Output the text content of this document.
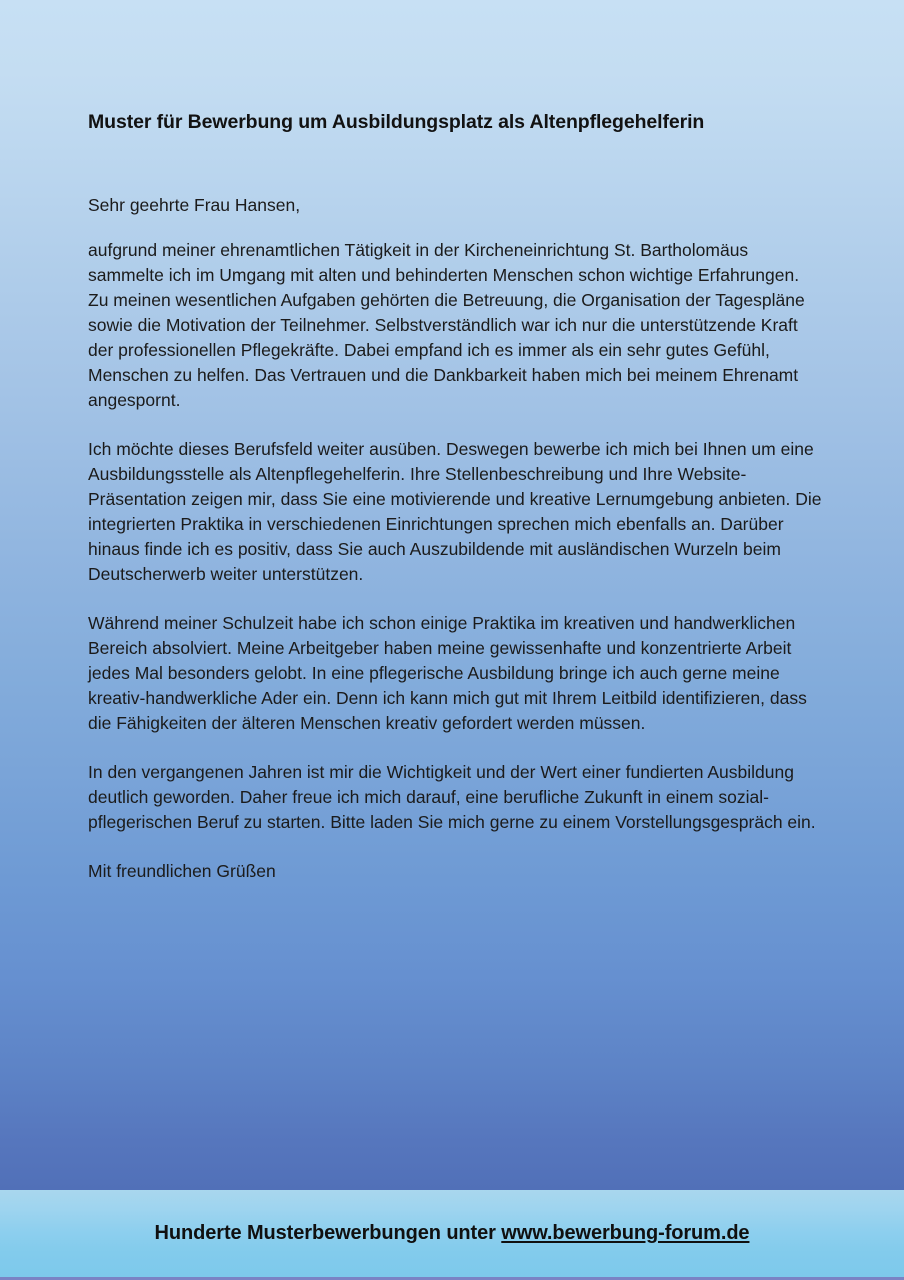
Muster für Bewerbung um Ausbildungsplatz als Altenpflegehelferin

Sehr geehrte Frau Hansen,

aufgrund meiner ehrenamtlichen Tätigkeit in der Kircheneinrichtung St. Bartholomäus sammelte ich im Umgang mit alten und behinderten Menschen schon wichtige Erfahrungen. Zu meinen wesentlichen Aufgaben gehörten die Betreuung, die Organisation der Tagespläne sowie die Motivation der Teilnehmer. Selbstverständlich war ich nur die unterstützende Kraft der professionellen Pflegekräfte. Dabei empfand ich es immer als ein sehr gutes Gefühl, Menschen zu helfen. Das Vertrauen und die Dankbarkeit haben mich bei meinem Ehrenamt angespornt.

Ich möchte dieses Berufsfeld weiter ausüben. Deswegen bewerbe ich mich bei Ihnen um eine Ausbildungsstelle als Altenpflegehelferin. Ihre Stellenbeschreibung und Ihre Website-Präsentation zeigen mir, dass Sie eine motivierende und kreative Lernumgebung anbieten. Die integrierten Praktika in verschiedenen Einrichtungen sprechen mich ebenfalls an. Darüber hinaus finde ich es positiv, dass Sie auch Auszubildende mit ausländischen Wurzeln beim Deutscherwerb weiter unterstützen.

Während meiner Schulzeit habe ich schon einige Praktika im kreativen und handwerklichen Bereich absolviert. Meine Arbeitgeber haben meine gewissenhafte und konzentrierte Arbeit jedes Mal besonders gelobt. In eine pflegerische Ausbildung bringe ich auch gerne meine kreativ-handwerkliche Ader ein. Denn ich kann mich gut mit Ihrem Leitbild identifizieren, dass die Fähigkeiten der älteren Menschen kreativ gefordert werden müssen.

In den vergangenen Jahren ist mir die Wichtigkeit und der Wert einer fundierten Ausbildung deutlich geworden. Daher freue ich mich darauf, eine berufliche Zukunft in einem sozial-pflegerischen Beruf zu starten. Bitte laden Sie mich gerne zu einem Vorstellungsgespräch ein.

Mit freundlichen Grüßen

Hunderte Musterbewerbungen unter www.bewerbung-forum.de
